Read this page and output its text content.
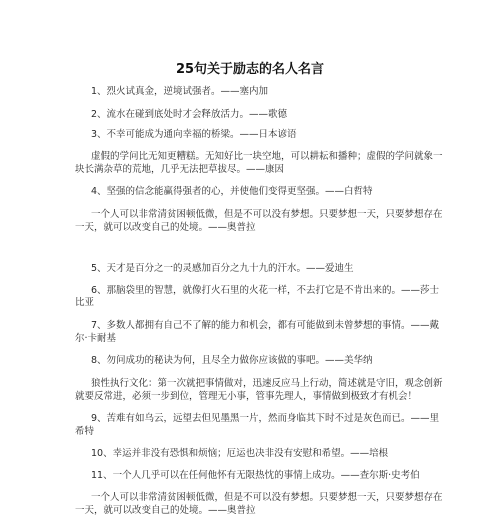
25句关于励志的名人名言
1、烈火试真金，逆境试强者。——塞内加
2、流水在碰到底处时才会释放活力。——歌德
3、不幸可能成为通向幸福的桥梁。——日本谚语
虚假的学问比无知更糟糕。无知好比一块空地，可以耕耘和播种；虚假的学问就象一
块长满杂草的荒地，几乎无法把草拔尽。——康因
4、坚强的信念能赢得强者的心，并使他们变得更坚强。——白哲特
一个人可以非常清贫困顿低微，但是不可以没有梦想。只要梦想一天，只要梦想存在
一天，就可以改变自己的处境。——奥普拉
5、天才是百分之一的灵感加百分之九十九的汗水。——爱迪生
6、那脑袋里的智慧，就像打火石里的火花一样，不去打它是不肯出来的。——莎士
比亚
7、多数人都拥有自己不了解的能力和机会，都有可能做到未曾梦想的事情。——戴
尔·卡耐基
8、勿问成功的秘诀为何，且尽全力做你应该做的事吧。——美华纳
狼性执行文化：第一次就把事情做对，迅速反应马上行动，简述就是守旧，观念创新
就要反常进，必须一步到位，管理无小事，管事先理人，事情做到极致才有机会！
9、苦难有如乌云，远望去但见墨黑一片，然而身临其下时不过是灰色而已。——里
希特
10、幸运并非没有恐惧和烦恼；厄运也决非没有安慰和希望。——培根
11、一个人几乎可以在任何他怀有无限热忱的事情上成功。——查尔斯·史考伯
一个人可以非常清贫困顿低微，但是不可以没有梦想。只要梦想一天，只要梦想存在
一天，就可以改变自己的处境。——奥普拉
